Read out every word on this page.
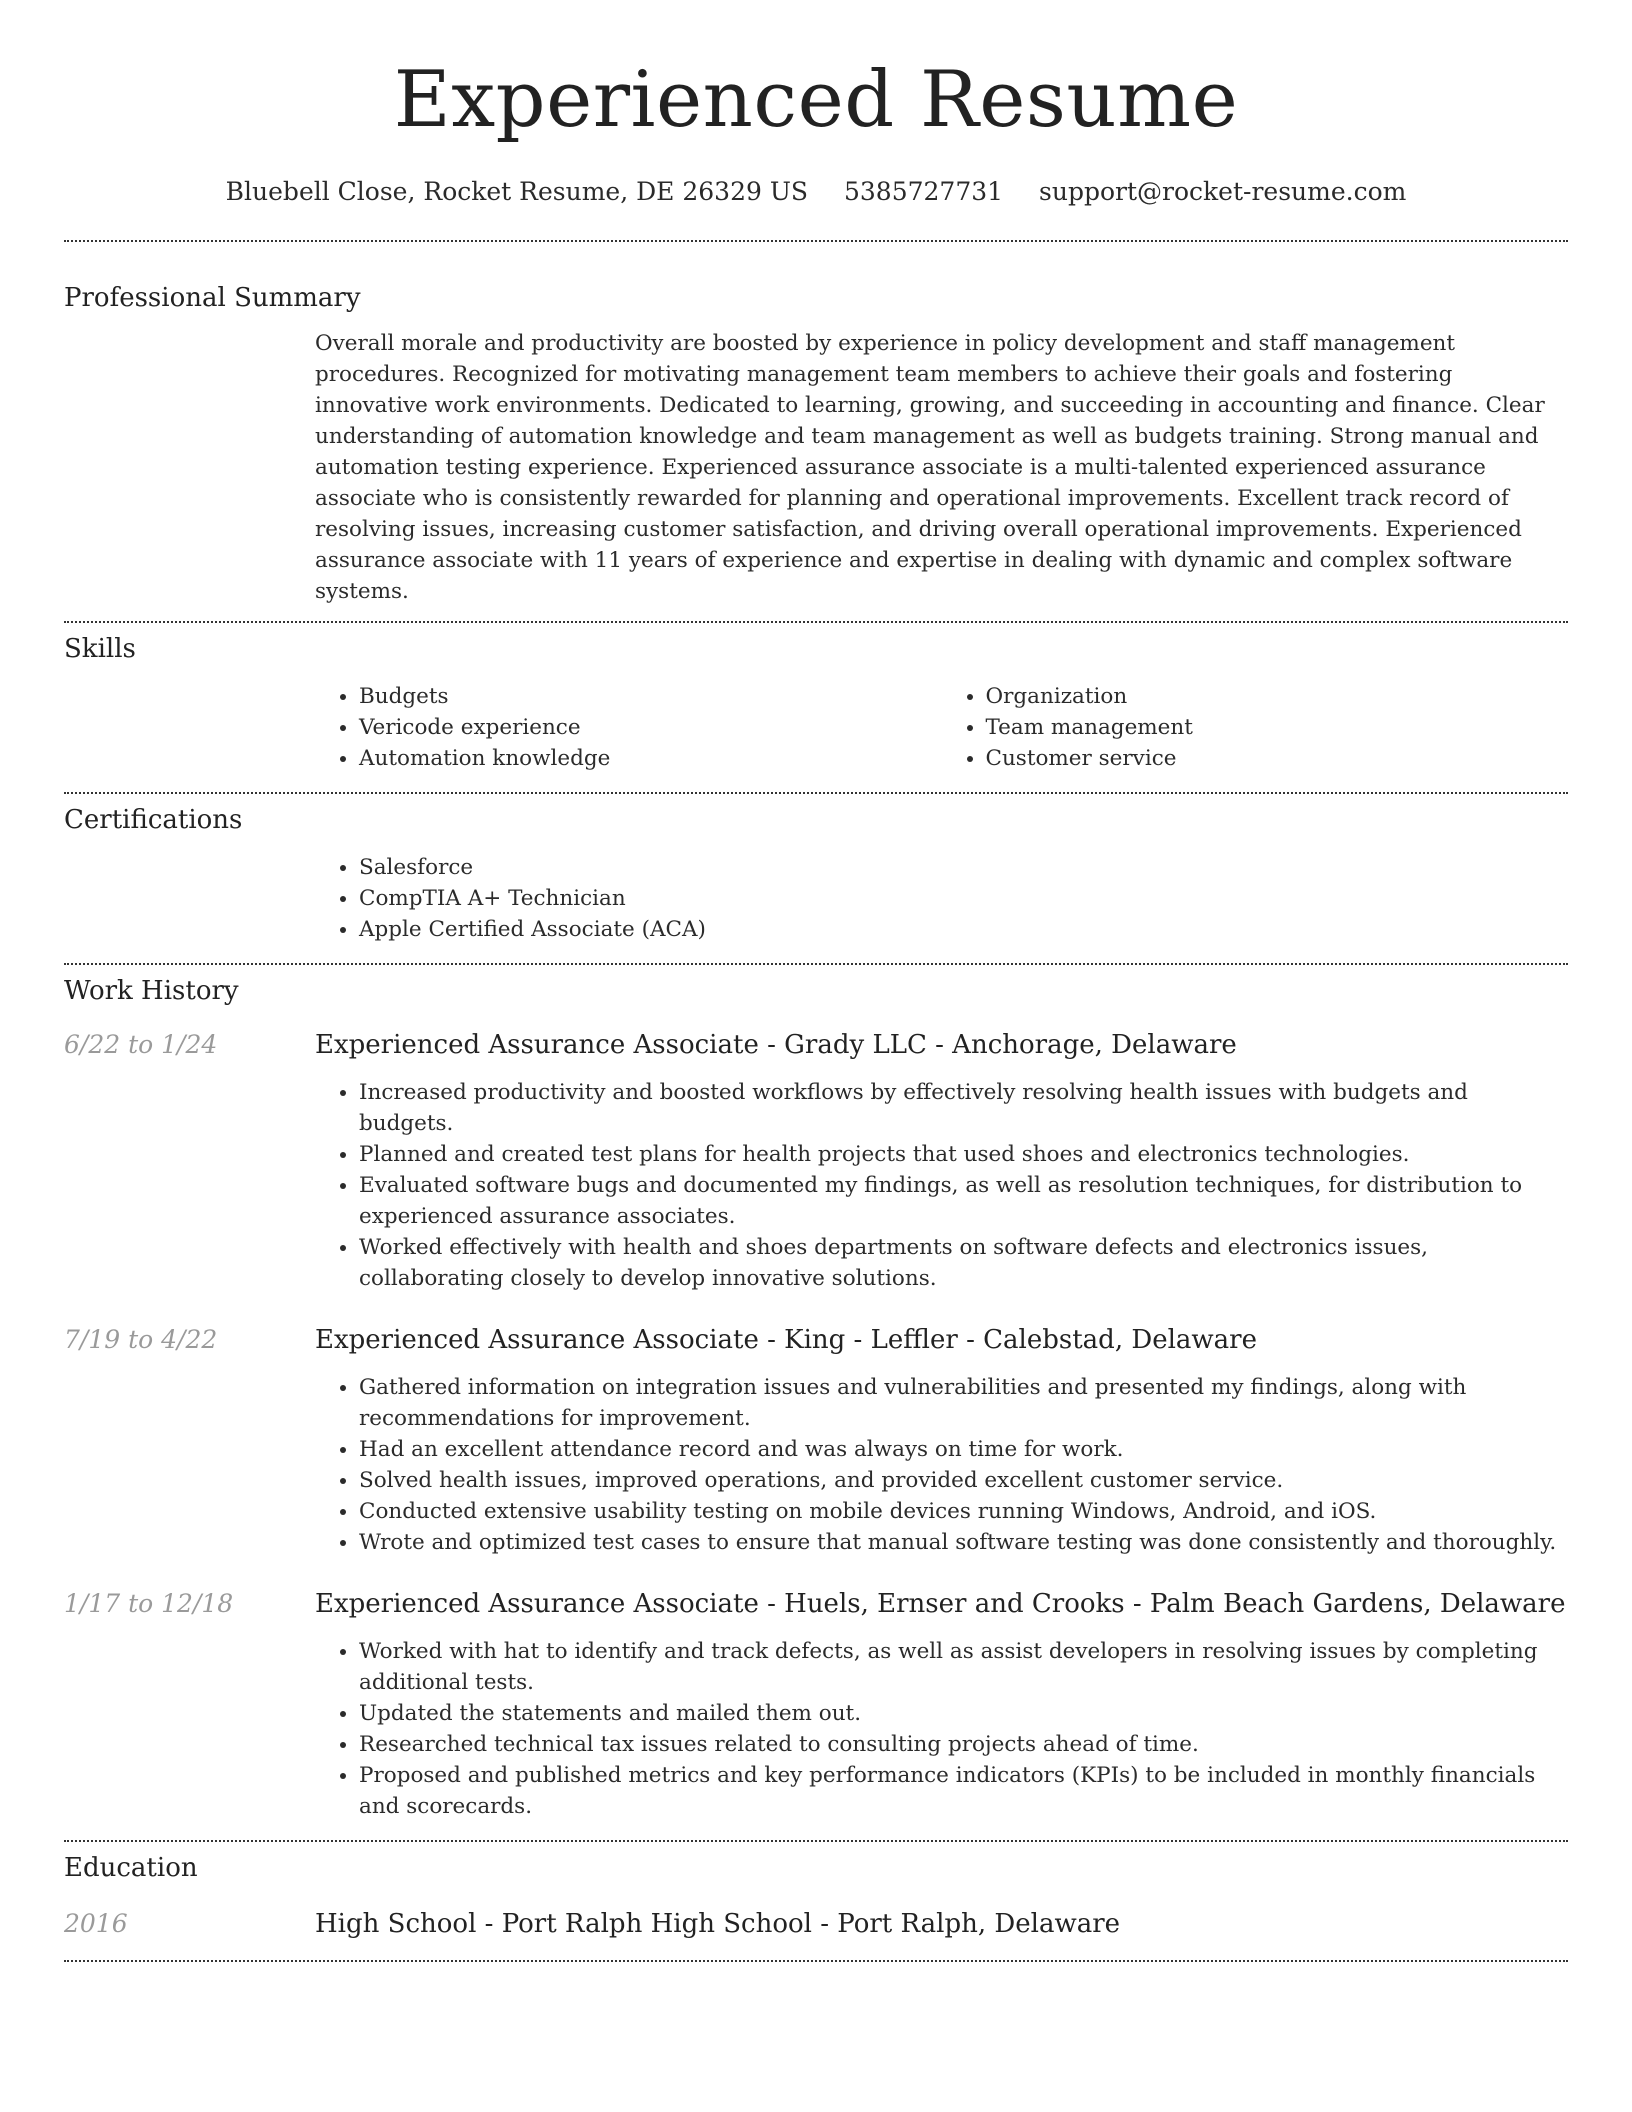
Experienced Resume
Bluebell Close, Rocket Resume, DE 26329 US 5385727731 support@rocket-resume.com
Professional Summary

Overall morale and productivity are boosted by experience in policy development and staff management procedures. Recognized for motivating management team members to achieve their goals and fostering innovative work environments. Dedicated to learning, growing, and succeeding in accounting and finance. Clear understanding of automation knowledge and team management as well as budgets training. Strong manual and automation testing experience. Experienced assurance associate is a multi-talented experienced assurance associate who is consistently rewarded for planning and operational improvements. Excellent track record of resolving issues, increasing customer satisfaction, and driving overall operational improvements. Experienced assurance associate with 11 years of experience and expertise in dealing with dynamic and complex software systems.

Skills
• Budgets
• Vericode experience
• Automation knowledge
• Organization
• Team management
• Customer service
Certifications
• Salesforce
• CompTIA A+ Technician
• Apple Certified Associate (ACA)
Work History
6/22 to 1/24	Experienced Assurance Associate - Grady LLC - Anchorage, Delaware
• Increased productivity and boosted workflows by effectively resolving health issues with budgets and budgets.
• Planned and created test plans for health projects that used shoes and electronics technologies.
• Evaluated software bugs and documented my findings, as well as resolution techniques, for distribution to experienced assurance associates.
• Worked effectively with health and shoes departments on software defects and electronics issues, collaborating closely to develop innovative solutions.
7/19 to 4/22	Experienced Assurance Associate - King - Leffler - Calebstad, Delaware
• Gathered information on integration issues and vulnerabilities and presented my findings, along with recommendations for improvement.
• Had an excellent attendance record and was always on time for work.
• Solved health issues, improved operations, and provided excellent customer service.
• Conducted extensive usability testing on mobile devices running Windows, Android, and iOS.
• Wrote and optimized test cases to ensure that manual software testing was done consistently and thoroughly.
1/17 to 12/18	Experienced Assurance Associate - Huels, Ernser and Crooks - Palm Beach Gardens, Delaware
• Worked with hat to identify and track defects, as well as assist developers in resolving issues by completing additional tests.
• Updated the statements and mailed them out.
• Researched technical tax issues related to consulting projects ahead of time.
• Proposed and published metrics and key performance indicators (KPIs) to be included in monthly financials and scorecards.
Education
2016	High School - Port Ralph High School - Port Ralph, Delaware
